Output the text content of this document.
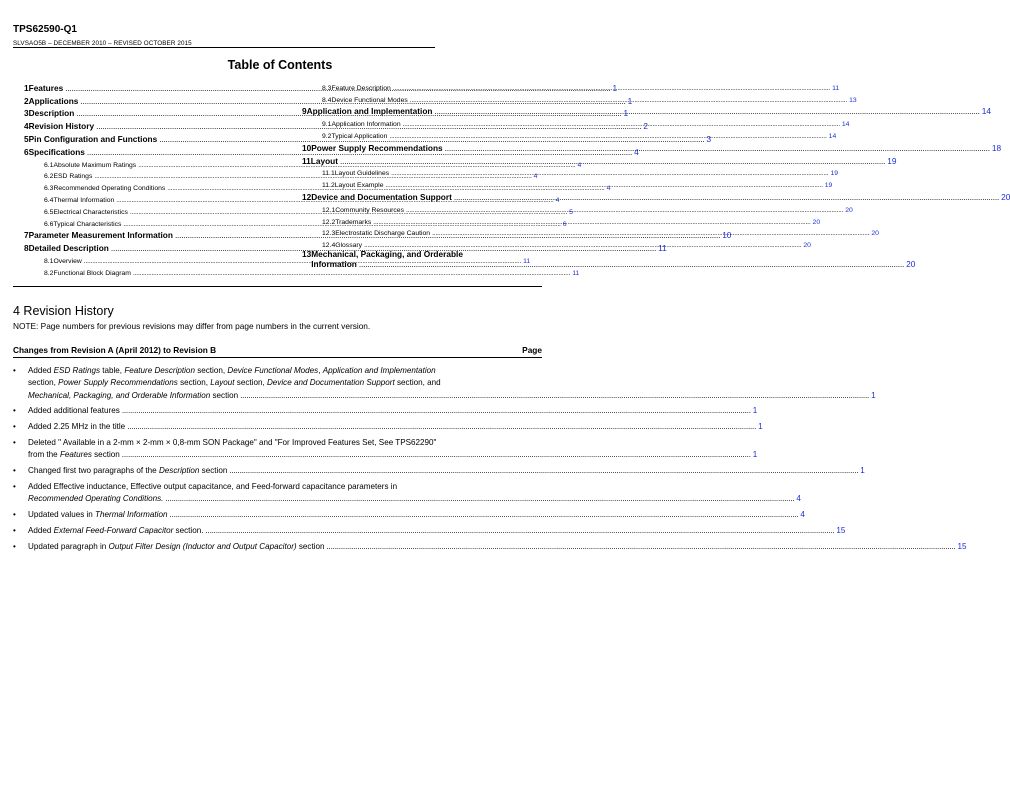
TPS62590-Q1
SLVSAO5B – DECEMBER 2010 – REVISED OCTOBER 2015
Table of Contents
1 Features .....	1
2 Applications .....	1
3 Description .....	1
4 Revision History .....	2
5 Pin Configuration and Functions .....	3
6 Specifications .....	4
6.1 Absolute Maximum Ratings .....	4
6.2 ESD Ratings .....	4
6.3 Recommended Operating Conditions .....	4
6.4 Thermal Information .....	4
6.5 Electrical Characteristics .....	5
6.6 Typical Characteristics .....	6
7 Parameter Measurement Information .....	10
8 Detailed Description .....	11
8.1 Overview .....	11
8.2 Functional Block Diagram .....	11
8.3 Feature Description .....	11
8.4 Device Functional Modes .....	13
9 Application and Implementation .....	14
9.1 Application Information .....	14
9.2 Typical Application .....	14
10 Power Supply Recommendations .....	18
11 Layout .....	19
11.1 Layout Guidelines .....	19
11.2 Layout Example .....	19
12 Device and Documentation Support .....	20
12.1 Community Resources .....	20
12.2 Trademarks .....	20
12.3 Electrostatic Discharge Caution .....	20
12.4 Glossary .....	20
13 Mechanical, Packaging, and Orderable
Information .....	20
4 Revision History
NOTE: Page numbers for previous revisions may differ from page numbers in the current version.
Changes from Revision A (April 2012) to Revision B	Page
• Added ESD Ratings table, Feature Description section, Device Functional Modes, Application and Implementation
section, Power Supply Recommendations section, Layout section, Device and Documentation Support section, and
Mechanical, Packaging, and Orderable Information section .....	1
• Added additional features .....	1
• Added 2.25 MHz in the title .....	1
• Deleted " Available in a 2-mm × 2-mm × 0,8-mm SON Package" and "For Improved Features Set, See TPS62290"
from the Features section .....	1
• Changed first two paragraphs of the Description section .....	1
• Added Effective inductance, Effective output capacitance, and Feed-forward capacitance parameters in
Recommended Operating Conditions. .....	4
• Updated values in Thermal Information .....	4
• Added External Feed-Forward Capacitor section. .....	15
• Updated paragraph in Output Filter Design (Inductor and Output Capacitor) section .....	15
